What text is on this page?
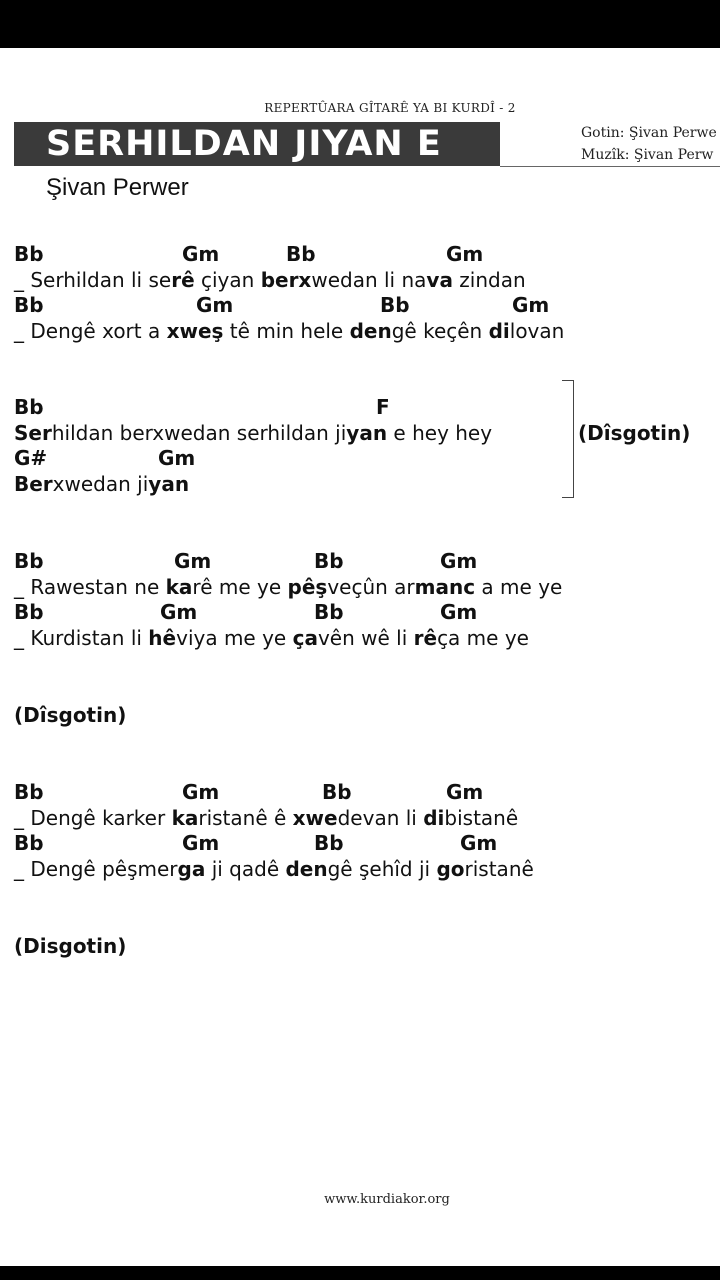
REPERTÛARA GÎTARÊ YA BI KURDÎ - 2
SERHILDAN JIYAN E	Gotin: Şivan Perwe
Muzîk: Şivan Perw
Şivan Perwer
Bb	Gm	Bb	Gm
_ Serhildan li serê çiyan berxwedan li nava zindan
Bb	Gm	Bb	Gm
_ Dengê xort a xweş tê min hele dengê keçên dilovan
Bb	F
Serhildan berxwedan serhildan jiyan e hey hey
G#	Gm
Berxwedan jiyan
(Dîsgotin)
Bb	Gm	Bb	Gm
_ Rawestan ne karê me ye pêşveçûn armanc a me ye
Bb	Gm	Bb	Gm
_ Kurdistan li hêviya me ye çavên wê li rêça me ye
(Dîsgotin)
Bb	Gm	Bb	Gm
_ Dengê karker karistanê ê xwedevan li dibistanê
Bb	Gm	Bb	Gm
_ Dengê pêşmerga ji qadê dengê şehîd ji goristanê
(Disgotin)
www.kurdiakor.org
